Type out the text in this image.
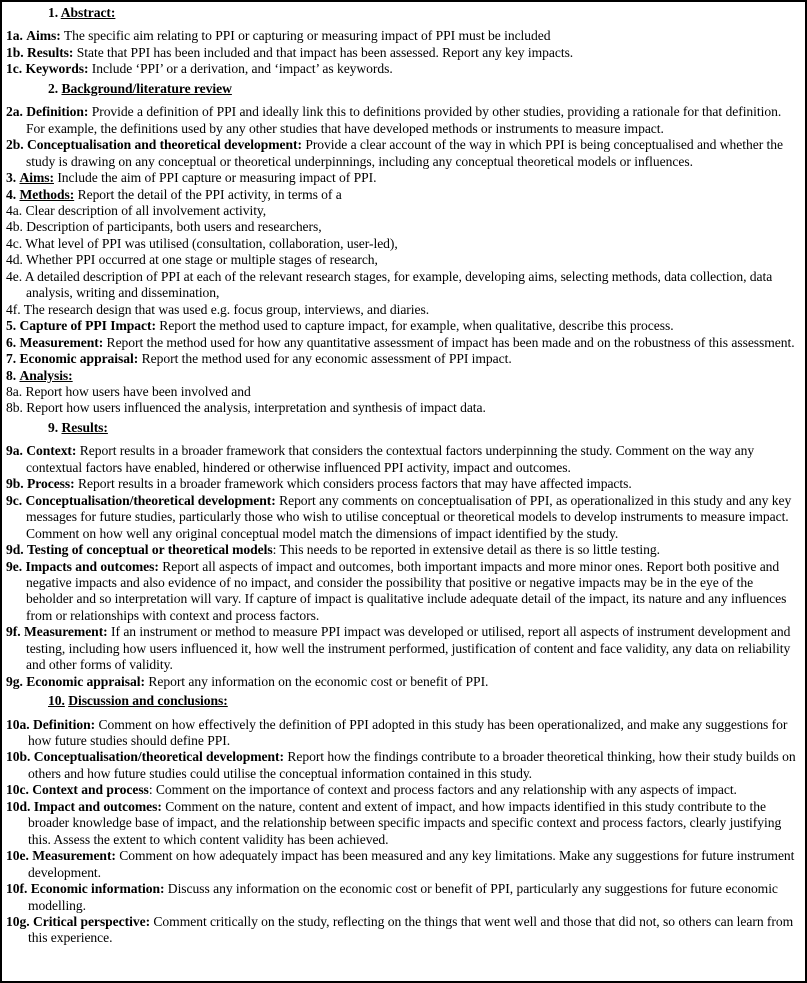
1. Abstract:
1a. Aims: The specific aim relating to PPI or capturing or measuring impact of PPI must be included
1b. Results: State that PPI has been included and that impact has been assessed. Report any key impacts.
1c. Keywords: Include ‘PPI’ or a derivation, and ‘impact’ as keywords.
2. Background/literature review
2a. Definition: Provide a definition of PPI and ideally link this to definitions provided by other studies, providing a rationale for that definition. For example, the definitions used by any other studies that have developed methods or instruments to measure impact.
2b. Conceptualisation and theoretical development: Provide a clear account of the way in which PPI is being conceptualised and whether the study is drawing on any conceptual or theoretical underpinnings, including any conceptual theoretical models or influences.
3. Aims: Include the aim of PPI capture or measuring impact of PPI.
4. Methods: Report the detail of the PPI activity, in terms of a
4a. Clear description of all involvement activity,
4b. Description of participants, both users and researchers,
4c. What level of PPI was utilised (consultation, collaboration, user-led),
4d. Whether PPI occurred at one stage or multiple stages of research,
4e. A detailed description of PPI at each of the relevant research stages, for example, developing aims, selecting methods, data collection, data analysis, writing and dissemination,
4f. The research design that was used e.g. focus group, interviews, and diaries.
5. Capture of PPI Impact: Report the method used to capture impact, for example, when qualitative, describe this process.
6. Measurement: Report the method used for how any quantitative assessment of impact has been made and on the robustness of this assessment.
7. Economic appraisal: Report the method used for any economic assessment of PPI impact.
8. Analysis:
8a. Report how users have been involved and
8b. Report how users influenced the analysis, interpretation and synthesis of impact data.
9. Results:
9a. Context: Report results in a broader framework that considers the contextual factors underpinning the study. Comment on the way any contextual factors have enabled, hindered or otherwise influenced PPI activity, impact and outcomes.
9b. Process: Report results in a broader framework which considers process factors that may have affected impacts.
9c. Conceptualisation/theoretical development: Report any comments on conceptualisation of PPI, as operationalized in this study and any key messages for future studies, particularly those who wish to utilise conceptual or theoretical models to develop instruments to measure impact. Comment on how well any original conceptual model match the dimensions of impact identified by the study.
9d. Testing of conceptual or theoretical models: This needs to be reported in extensive detail as there is so little testing.
9e. Impacts and outcomes: Report all aspects of impact and outcomes, both important impacts and more minor ones. Report both positive and negative impacts and also evidence of no impact, and consider the possibility that positive or negative impacts may be in the eye of the beholder and so interpretation will vary. If capture of impact is qualitative include adequate detail of the impact, its nature and any influences from or relationships with context and process factors.
9f. Measurement: If an instrument or method to measure PPI impact was developed or utilised, report all aspects of instrument development and testing, including how users influenced it, how well the instrument performed, justification of content and face validity, any data on reliability and other forms of validity.
9g. Economic appraisal: Report any information on the economic cost or benefit of PPI.
10. Discussion and conclusions:
10a. Definition: Comment on how effectively the definition of PPI adopted in this study has been operationalized, and make any suggestions for how future studies should define PPI.
10b. Conceptualisation/theoretical development: Report how the findings contribute to a broader theoretical thinking, how their study builds on others and how future studies could utilise the conceptual information contained in this study.
10c. Context and process: Comment on the importance of context and process factors and any relationship with any aspects of impact.
10d. Impact and outcomes: Comment on the nature, content and extent of impact, and how impacts identified in this study contribute to the broader knowledge base of impact, and the relationship between specific impacts and specific context and process factors, clearly justifying this. Assess the extent to which content validity has been achieved.
10e. Measurement: Comment on how adequately impact has been measured and any key limitations. Make any suggestions for future instrument development.
10f. Economic information: Discuss any information on the economic cost or benefit of PPI, particularly any suggestions for future economic modelling.
10g. Critical perspective: Comment critically on the study, reflecting on the things that went well and those that did not, so others can learn from this experience.
